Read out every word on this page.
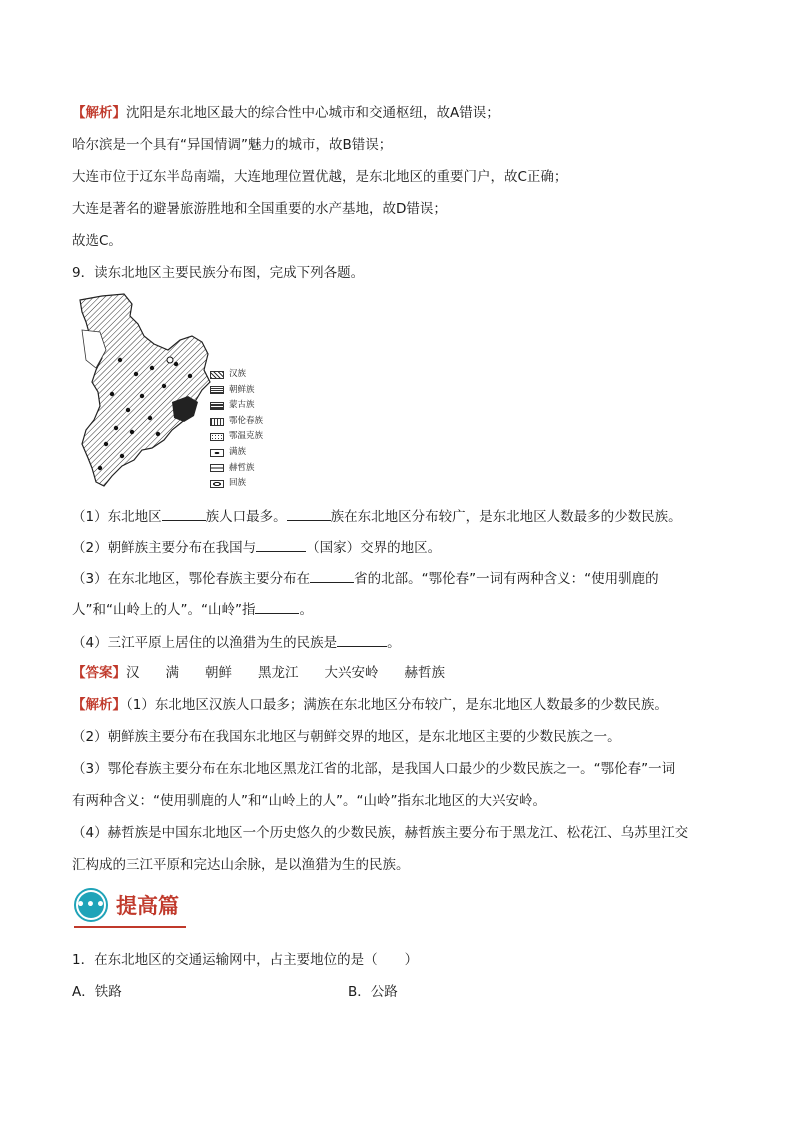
【解析】沈阳是东北地区最大的综合性中心城市和交通枢纽，故A错误；
哈尔滨是一个具有“异国情调”魅力的城市，故B错误；
大连市位于辽东半岛南端，大连地理位置优越，是东北地区的重要门户，故C正确；
大连是著名的避暑旅游胜地和全国重要的水产基地，故D错误；
故选C。
9．读东北地区主要民族分布图，完成下列各题。
汉族
朝鲜族
蒙古族
鄂伦春族
鄂温克族
满族
赫哲族
回族
（1）东北地区	族人口最多。	族在东北地区分布较广，是东北地区人数最多的少数民族。
（2）朝鲜族主要分布在我国与	（国家）交界的地区。
（3）在东北地区，鄂伦春族主要分布在	省的北部。“鄂伦春”一词有两种含义：“使用驯鹿的
人”和“山岭上的人”。“山岭”指	。
（4）三江平原上居住的以渔猎为生的民族是	。
【答案】汉 满 朝鲜 黑龙江 大兴安岭 赫哲族
【解析】（1）东北地区汉族人口最多；满族在东北地区分布较广，是东北地区人数最多的少数民族。
（2）朝鲜族主要分布在我国东北地区与朝鲜交界的地区，是东北地区主要的少数民族之一。
（3）鄂伦春族主要分布在东北地区黑龙江省的北部，是我国人口最少的少数民族之一。“鄂伦春”一词
有两种含义：“使用驯鹿的人”和“山岭上的人”。“山岭”指东北地区的大兴安岭。
（4）赫哲族是中国东北地区一个历史悠久的少数民族，赫哲族主要分布于黑龙江、松花江、乌苏里江交
汇构成的三江平原和完达山余脉，是以渔猎为生的民族。
••• 提高篇
1．在东北地区的交通运输网中，占主要地位的是（　　）
A．铁路	B．公路
